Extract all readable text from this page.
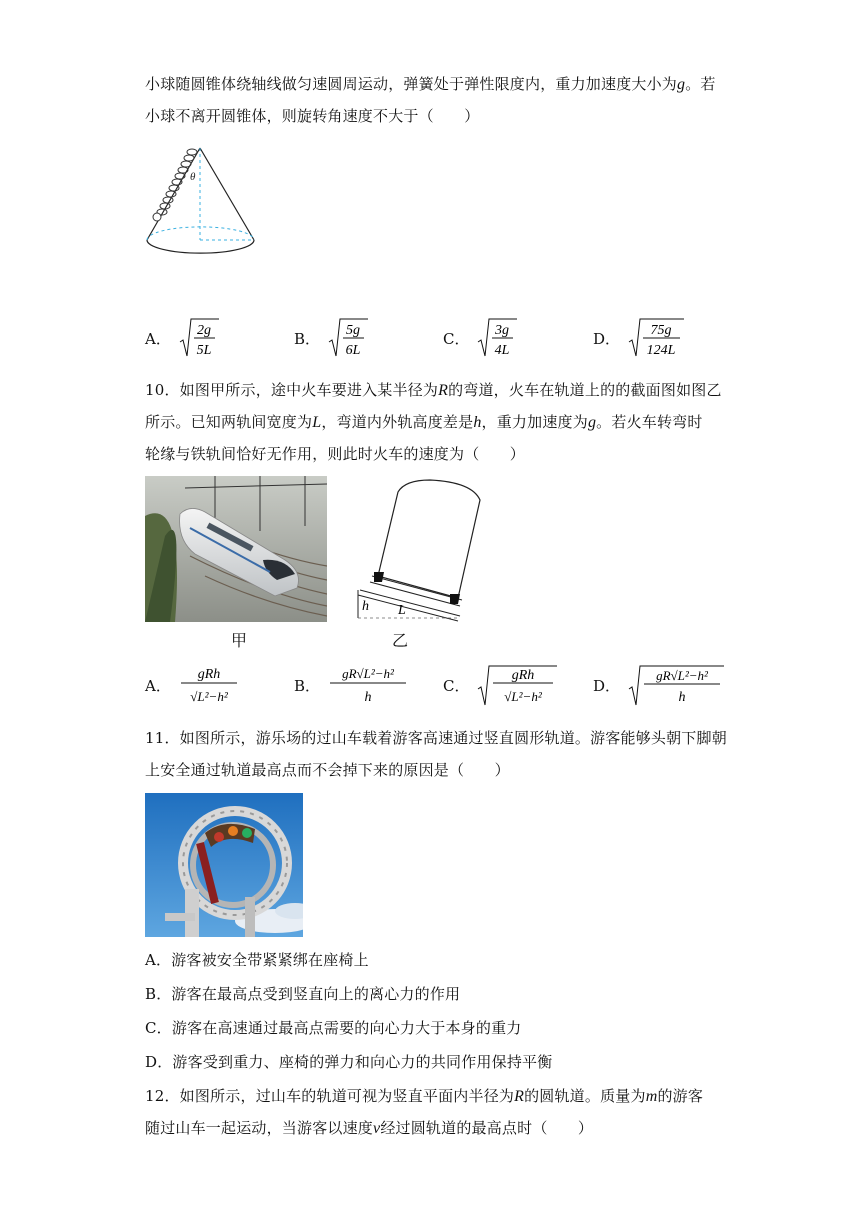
小球随圆锥体绕轴线做匀速圆周运动，弹簧处于弹性限度内，重力加速度大小为g。若
小球不离开圆锥体，则旋转角速度不大于（　　）
θ
A． 2g
5L
B． 5g
6L
C． 3g
4L
D． 75g
124L
10．如图甲所示，途中火车要进入某半径为R的弯道，火车在轨道上的的截面图如图乙
所示。已知两轨间宽度为L，弯道内外轨高度差是h，重力加速度为g。若火车转弯时
轮缘与铁轨间恰好无作用，则此时火车的速度为（　　）
甲
h L
乙
A．
gRh
√L²−h²
B．
gR√L²−h²
h
C．
gRh
√L²−h²
D．
gR√L²−h²
h
11．如图所示，游乐场的过山车载着游客高速通过竖直圆形轨道。游客能够头朝下脚朝
上安全通过轨道最高点而不会掉下来的原因是（　　）
A．游客被安全带紧紧绑在座椅上
B．游客在最高点受到竖直向上的离心力的作用
C．游客在高速通过最高点需要的向心力大于本身的重力
D．游客受到重力、座椅的弹力和向心力的共同作用保持平衡
12．如图所示，过山车的轨道可视为竖直平面内半径为R的圆轨道。质量为m的游客
随过山车一起运动，当游客以速度v经过圆轨道的最高点时（　　）
